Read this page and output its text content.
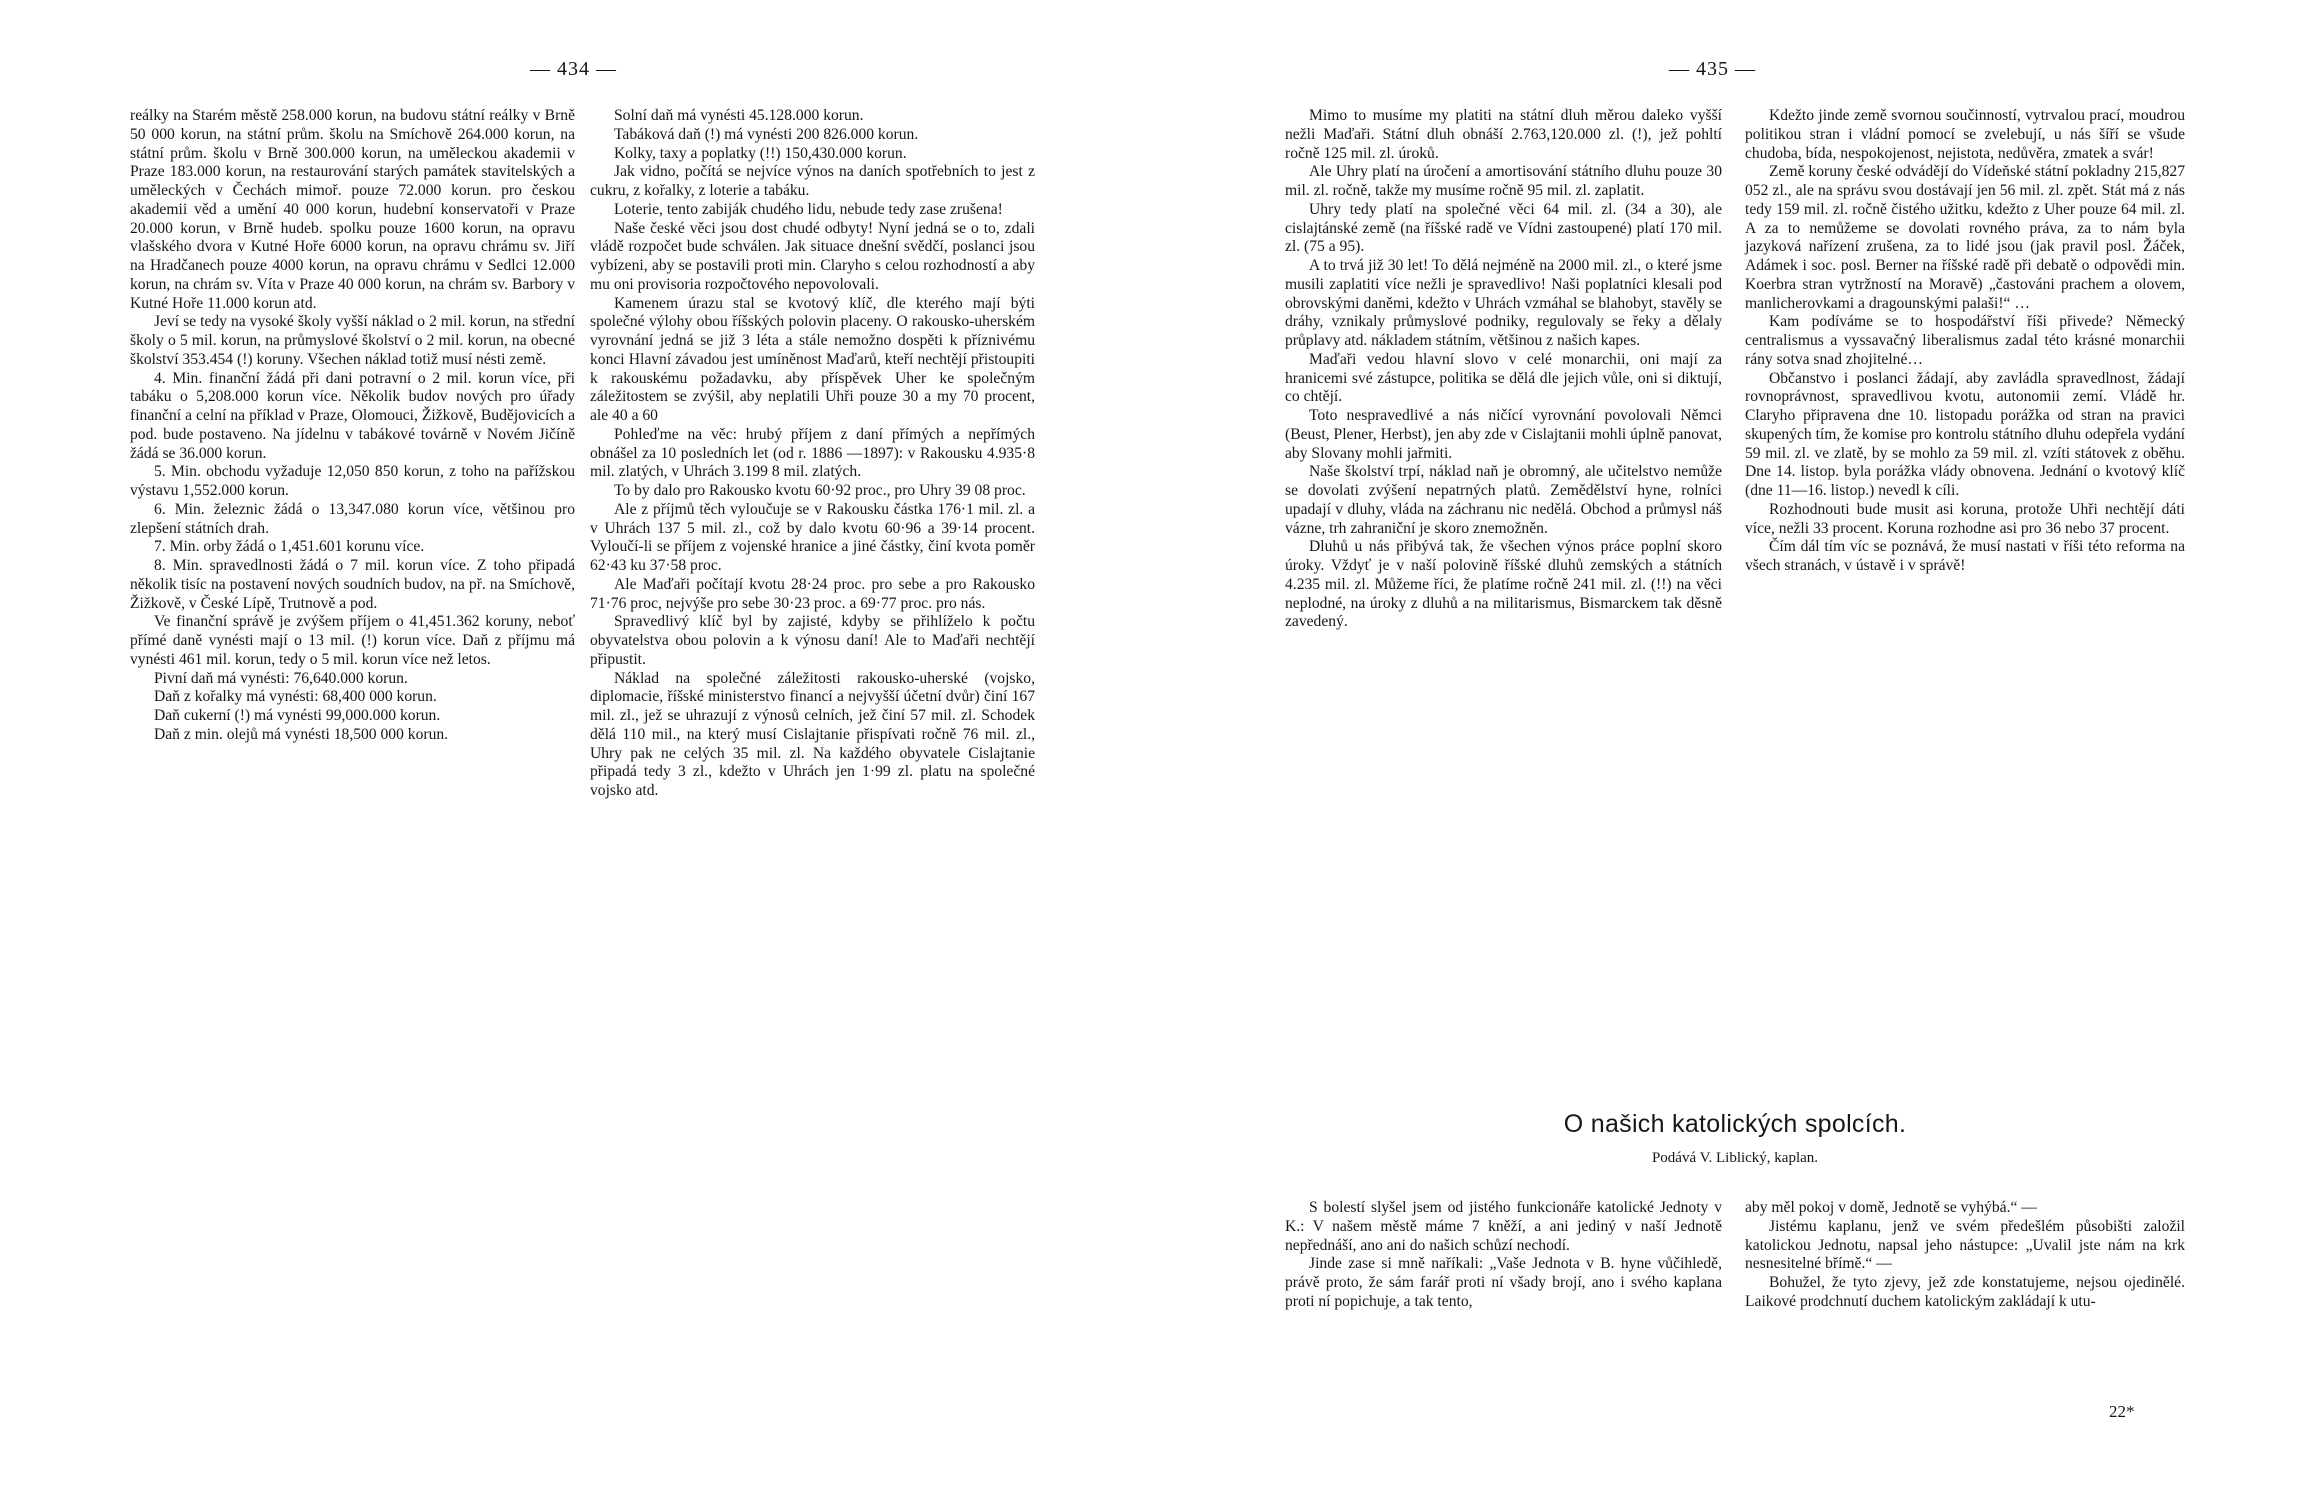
— 434 —

reálky na Starém městě 258.000 korun, na budovu státní reálky v Brně 50 000 korun, na státní prům. školu na Smíchově 264.000 korun, na státní prům. školu v Brně 300.000 korun, na uměleckou akademii v Praze 183.000 korun, na restaurování starých památek stavitelských a uměleckých v Čechách mimoř. pouze 72.000 korun. pro českou akademii věd a umění 40 000 korun, hudební konservatoři v Praze 20.000 korun, v Brně hudeb. spolku pouze 1600 korun, na opravu vlašského dvora v Kutné Hoře 6000 korun, na opravu chrámu sv. Jiří na Hradčanech pouze 4000 korun, na opravu chrámu v Sedlci 12.000 korun, na chrám sv. Víta v Praze 40 000 korun, na chrám sv. Barbory v Kutné Hoře 11.000 korun atd.

Jeví se tedy na vysoké školy vyšší náklad o 2 mil. korun, na střední školy o 5 mil. korun, na průmyslové školství o 2 mil. korun, na obecné školství 353.454 (!) koruny. Všechen náklad totiž musí nésti země.

4. Min. finanční žádá při dani potravní o 2 mil. korun více, při tabáku o 5,208.000 korun více. Několik budov nových pro úřady finanční a celní na příklad v Praze, Olomouci, Žižkově, Budějovicích a pod. bude postaveno. Na jídelnu v tabákové továrně v Novém Jičíně žádá se 36.000 korun.

5. Min. obchodu vyžaduje 12,050 850 korun, z toho na pařížskou výstavu 1,552.000 korun.

6. Min. železnic žádá o 13,347.080 korun více, většinou pro zlepšení státních drah.

7. Min. orby žádá o 1,451.601 korunu více.

8. Min. spravedlnosti žádá o 7 mil. korun více. Z toho připadá několik tisíc na postavení nových soudních budov, na př. na Smíchově, Žižkově, v České Lípě, Trutnově a pod.

Ve finanční správě je zvýšem příjem o 41,451.362 koruny, neboť přímé daně vynésti mají o 13 mil. (!) korun více. Daň z příjmu má vynésti 461 mil. korun, tedy o 5 mil. korun více než letos.

Pivní daň má vynésti: 76,640.000 korun.

Daň z kořalky má vynésti: 68,400 000 korun.

Daň cukerní (!) má vynésti 99,000.000 korun.

Daň z min. olejů má vynésti 18,500 000 korun.

Solní daň má vynésti 45.128.000 korun.

Tabáková daň (!) má vynésti 200 826.000 korun.

Kolky, taxy a poplatky (!!) 150,430.000 korun.

Jak vidno, počítá se nejvíce výnos na daních spotřebních to jest z cukru, z kořalky, z loterie a tabáku.

Loterie, tento zabiják chudého lidu, nebude tedy zase zrušena!

Naše české věci jsou dost chudé odbyty! Nyní jedná se o to, zdali vládě rozpočet bude schválen. Jak situace dnešní svědčí, poslanci jsou vybízeni, aby se postavili proti min. Claryho s celou rozhodností a aby mu oni provisoria rozpočtového nepovolovali.

Kamenem úrazu stal se kvotový klíč, dle kterého mají býti společné výlohy obou říšských polovin placeny. O rakousko-uherském vyrovnání jedná se již 3 léta a stále nemožno dospěti k příznivému konci Hlavní závadou jest umíněnost Maďarů, kteří nechtějí přistoupiti k rakouskému požadavku, aby příspěvek Uher ke společným záležitostem se zvýšil, aby neplatili Uhři pouze 30 a my 70 procent, ale 40 a 60

Pohleďme na věc: hrubý příjem z daní přímých a nepřímých obnášel za 10 posledních let (od r. 1886 —1897): v Rakousku 4.935·8 mil. zlatých, v Uhrách 3.199 8 mil. zlatých.

To by dalo pro Rakousko kvotu 60·92 proc., pro Uhry 39 08 proc.

Ale z příjmů těch vyloučuje se v Rakousku částka 176·1 mil. zl. a v Uhrách 137 5 mil. zl., což by dalo kvotu 60·96 a 39·14 procent. Vyloučí-li se příjem z vojenské hranice a jiné částky, činí kvota poměr 62·43 ku 37·58 proc.

Ale Maďaři počítají kvotu 28·24 proc. pro sebe a pro Rakousko 71·76 proc, nejvýše pro sebe 30·23 proc. a 69·77 proc. pro nás.

Spravedlivý klíč byl by zajisté, kdyby se přihlíželo k počtu obyvatelstva obou polovin a k výnosu daní! Ale to Maďaři nechtějí připustit.

Náklad na společné záležitosti rakousko-uherské (vojsko, diplomacie, říšské ministerstvo financí a nejvyšší účetní dvůr) činí 167 mil. zl., jež se uhrazují z výnosů celních, jež činí 57 mil. zl. Schodek dělá 110 mil., na který musí Cislajtanie přispívati ročně 76 mil. zl., Uhry pak ne celých 35 mil. zl. Na každého obyvatele Cislajtanie připadá tedy 3 zl., kdežto v Uhrách jen 1·99 zl. platu na společné vojsko atd.

— 435 —

Mimo to musíme my platiti na státní dluh měrou daleko vyšší nežli Maďaři. Státní dluh obnáší 2.763,120.000 zl. (!), jež pohltí ročně 125 mil. zl. úroků.

Ale Uhry platí na úročení a amortisování státního dluhu pouze 30 mil. zl. ročně, takže my musíme ročně 95 mil. zl. zaplatit.

Uhry tedy platí na společné věci 64 mil. zl. (34 a 30), ale cislajtánské země (na říšské radě ve Vídni zastoupené) platí 170 mil. zl. (75 a 95).

A to trvá již 30 let! To dělá nejméně na 2000 mil. zl., o které jsme musili zaplatiti více nežli je spravedlivo! Naši poplatníci klesali pod obrovskými daněmi, kdežto v Uhrách vzmáhal se blahobyt, stavěly se dráhy, vznikaly průmyslové podniky, regulovaly se řeky a dělaly průplavy atd. nákladem státním, většinou z našich kapes.

Maďaři vedou hlavní slovo v celé monarchii, oni mají za hranicemi své zástupce, politika se dělá dle jejich vůle, oni si diktují, co chtějí.

Toto nespravedlivé a nás ničící vyrovnání povolovali Němci (Beust, Plener, Herbst), jen aby zde v Cislajtanii mohli úplně panovat, aby Slovany mohli jařmiti.

Naše školství trpí, náklad naň je obromný, ale učitelstvo nemůže se dovolati zvýšení nepatrných platů. Zemědělství hyne, rolníci upadají v dluhy, vláda na záchranu nic nedělá. Obchod a průmysl náš vázne, trh zahraniční je skoro znemožněn.

Dluhů u nás přibývá tak, že všechen výnos práce poplní skoro úroky. Vždyť je v naší polovině říšské dluhů zemských a státních 4.235 mil. zl. Můžeme říci, že platíme ročně 241 mil. zl. (!!) na věci neplodné, na úroky z dluhů a na militarismus, Bismarckem tak děsně zavedený.

Kdežto jinde země svornou součinností, vytrvalou prací, moudrou politikou stran i vládní pomocí se zvelebují, u nás šíří se všude chudoba, bída, nespokojenost, nejistota, nedůvěra, zmatek a svár!

Země koruny české odvádějí do Vídeňské státní pokladny 215,827 052 zl., ale na správu svou dostávají jen 56 mil. zl. zpět. Stát má z nás tedy 159 mil. zl. ročně čistého užitku, kdežto z Uher pouze 64 mil. zl. A za to nemůžeme se dovolati rovného práva, za to nám byla jazyková nařízení zrušena, za to lidé jsou (jak pravil posl. Žáček, Adámek i soc. posl. Berner na říšské radě při debatě o odpovědi min. Koerbra stran vytržností na Moravě) „častováni prachem a olovem, manlicherovkami a dragounskými palaši!“ …

Kam podíváme se to hospodářství říši přivede? Německý centralismus a vyssavačný liberalismus zadal této krásné monarchii rány sotva snad zhojitelné…

Občanstvo i poslanci žádají, aby zavládla spravedlnost, žádají rovnoprávnost, spravedlivou kvotu, autonomii zemí. Vládě hr. Claryho připravena dne 10. listopadu porážka od stran na pravici skupených tím, že komise pro kontrolu státního dluhu odepřela vydání 59 mil. zl. ve zlatě, by se mohlo za 59 mil. zl. vzíti státovek z oběhu. Dne 14. listop. byla porážka vlády obnovena. Jednání o kvotový klíč (dne 11—16. listop.) nevedl k cíli.

Rozhodnouti bude musit asi koruna, protože Uhři nechtějí dáti více, nežli 33 procent. Koruna rozhodne asi pro 36 nebo 37 procent.

Čím dál tím víc se poznává, že musí nastati v říši této reforma na všech stranách, v ústavě i v správě!

O našich katolických spolcích.
Podává V. Liblický, kaplan.

S bolestí slyšel jsem od jistého funkcionáře katolické Jednoty v K.: V našem městě máme 7 kněží, a ani jediný v naší Jednotě nepřednáší, ano ani do našich schůzí nechodí.

Jinde zase si mně naříkali: „Vaše Jednota v B. hyne vůčihledě, právě proto, že sám farář proti ní všady brojí, ano i svého kaplana proti ní popichuje, a tak tento,

aby měl pokoj v domě, Jednotě se vyhýbá.“ —

Jistému kaplanu, jenž ve svém předešlém působišti založil katolickou Jednotu, napsal jeho nástupce: „Uvalil jste nám na krk nesnesitelné břímě.“ —

Bohužel, že tyto zjevy, jež zde konstatujeme, nejsou ojedinělé. Laikové prodchnutí duchem katolickým zakládají k utu-

22*
